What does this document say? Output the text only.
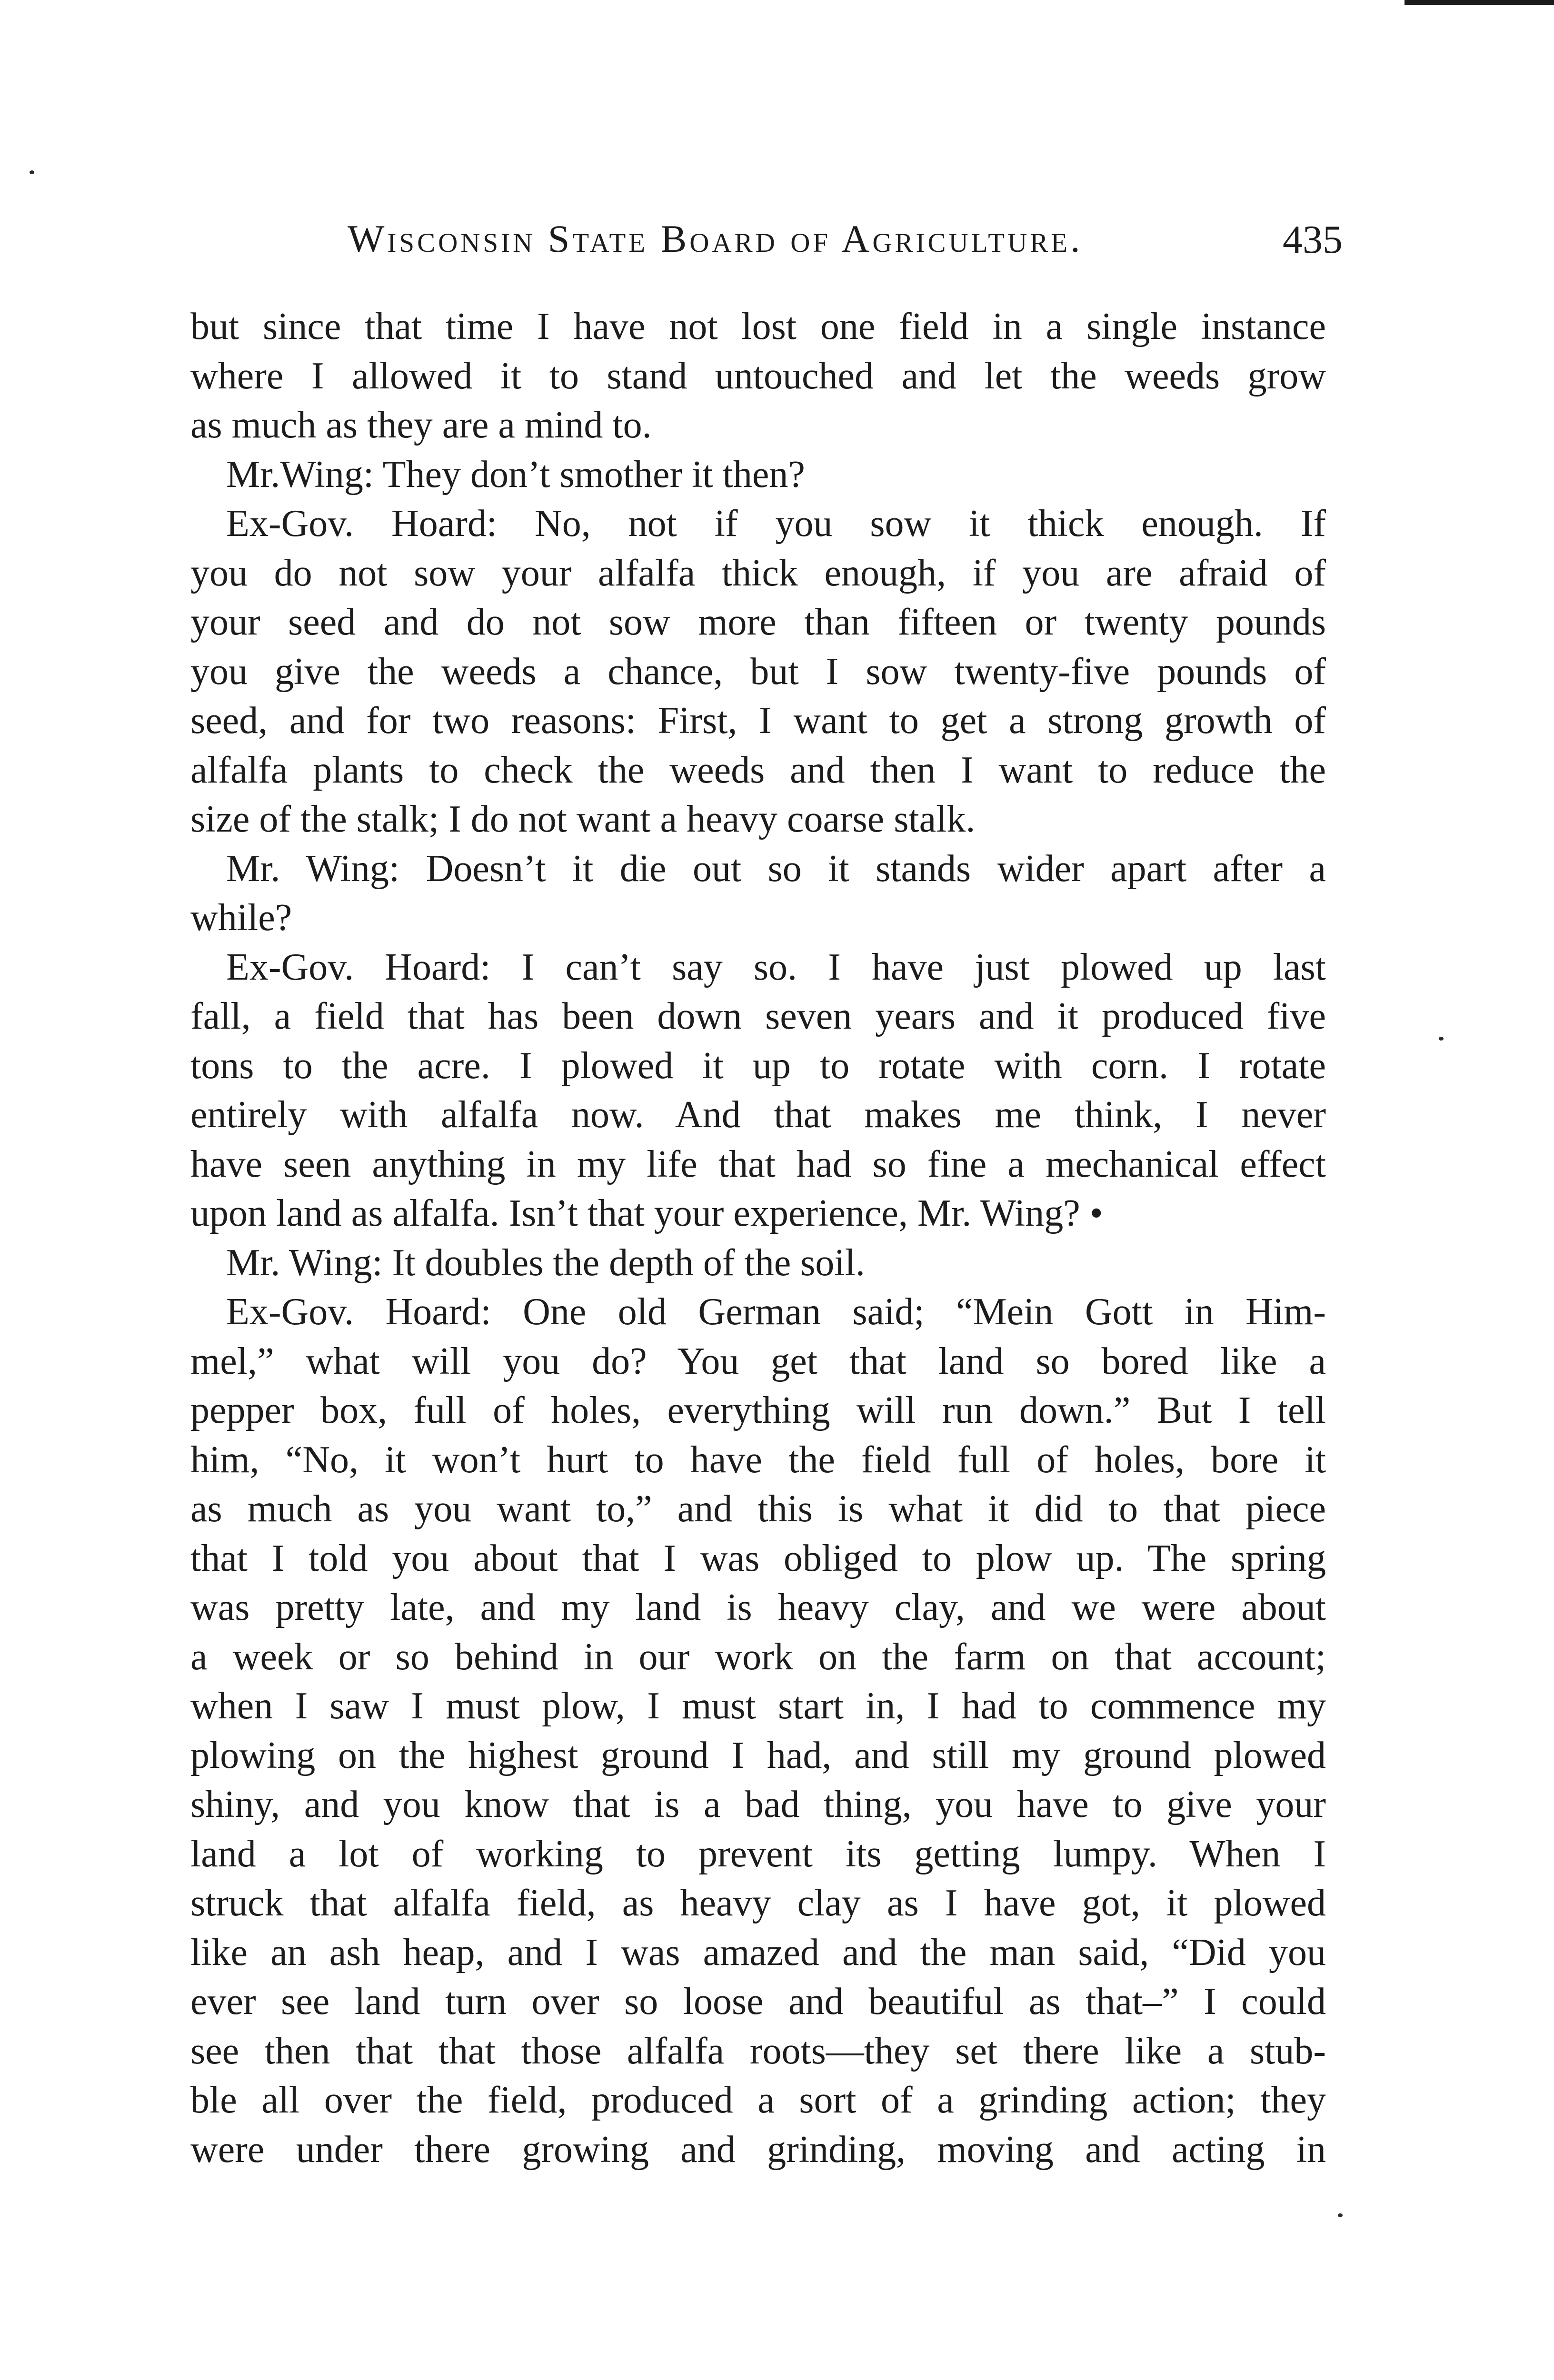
Wisconsin State Board of Agriculture.	435
but since that time I have not lost one field in a single instance
where I allowed it to stand untouched and let the weeds grow
as much as they are a mind to.
Mr.Wing: They don’t smother it then?
Ex-Gov. Hoard: No, not if you sow it thick enough. If
you do not sow your alfalfa thick enough, if you are afraid of
your seed and do not sow more than fifteen or twenty pounds
you give the weeds a chance, but I sow twenty-five pounds of
seed, and for two reasons: First, I want to get a strong growth of
alfalfa plants to check the weeds and then I want to reduce the
size of the stalk; I do not want a heavy coarse stalk.
Mr. Wing: Doesn’t it die out so it stands wider apart after a
while?
Ex-Gov. Hoard: I can’t say so. I have just plowed up last
fall, a field that has been down seven years and it produced five
tons to the acre. I plowed it up to rotate with corn. I rotate
entirely with alfalfa now. And that makes me think, I never
have seen anything in my life that had so fine a mechanical effect
upon land as alfalfa. Isn’t that your experience, Mr. Wing? •
Mr. Wing: It doubles the depth of the soil.
Ex-Gov. Hoard: One old German said; “Mein Gott in Him-
mel,” what will you do? You get that land so bored like a
pepper box, full of holes, everything will run down.” But I tell
him, “No, it won’t hurt to have the field full of holes, bore it
as much as you want to,” and this is what it did to that piece
that I told you about that I was obliged to plow up. The spring
was pretty late, and my land is heavy clay, and we were about
a week or so behind in our work on the farm on that account;
when I saw I must plow, I must start in, I had to commence my
plowing on the highest ground I had, and still my ground plowed
shiny, and you know that is a bad thing, you have to give your
land a lot of working to prevent its getting lumpy. When I
struck that alfalfa field, as heavy clay as I have got, it plowed
like an ash heap, and I was amazed and the man said, “Did you
ever see land turn over so loose and beautiful as that–” I could
see then that that those alfalfa roots—they set there like a stub-
ble all over the field, produced a sort of a grinding action; they
were under there growing and grinding, moving and acting in
